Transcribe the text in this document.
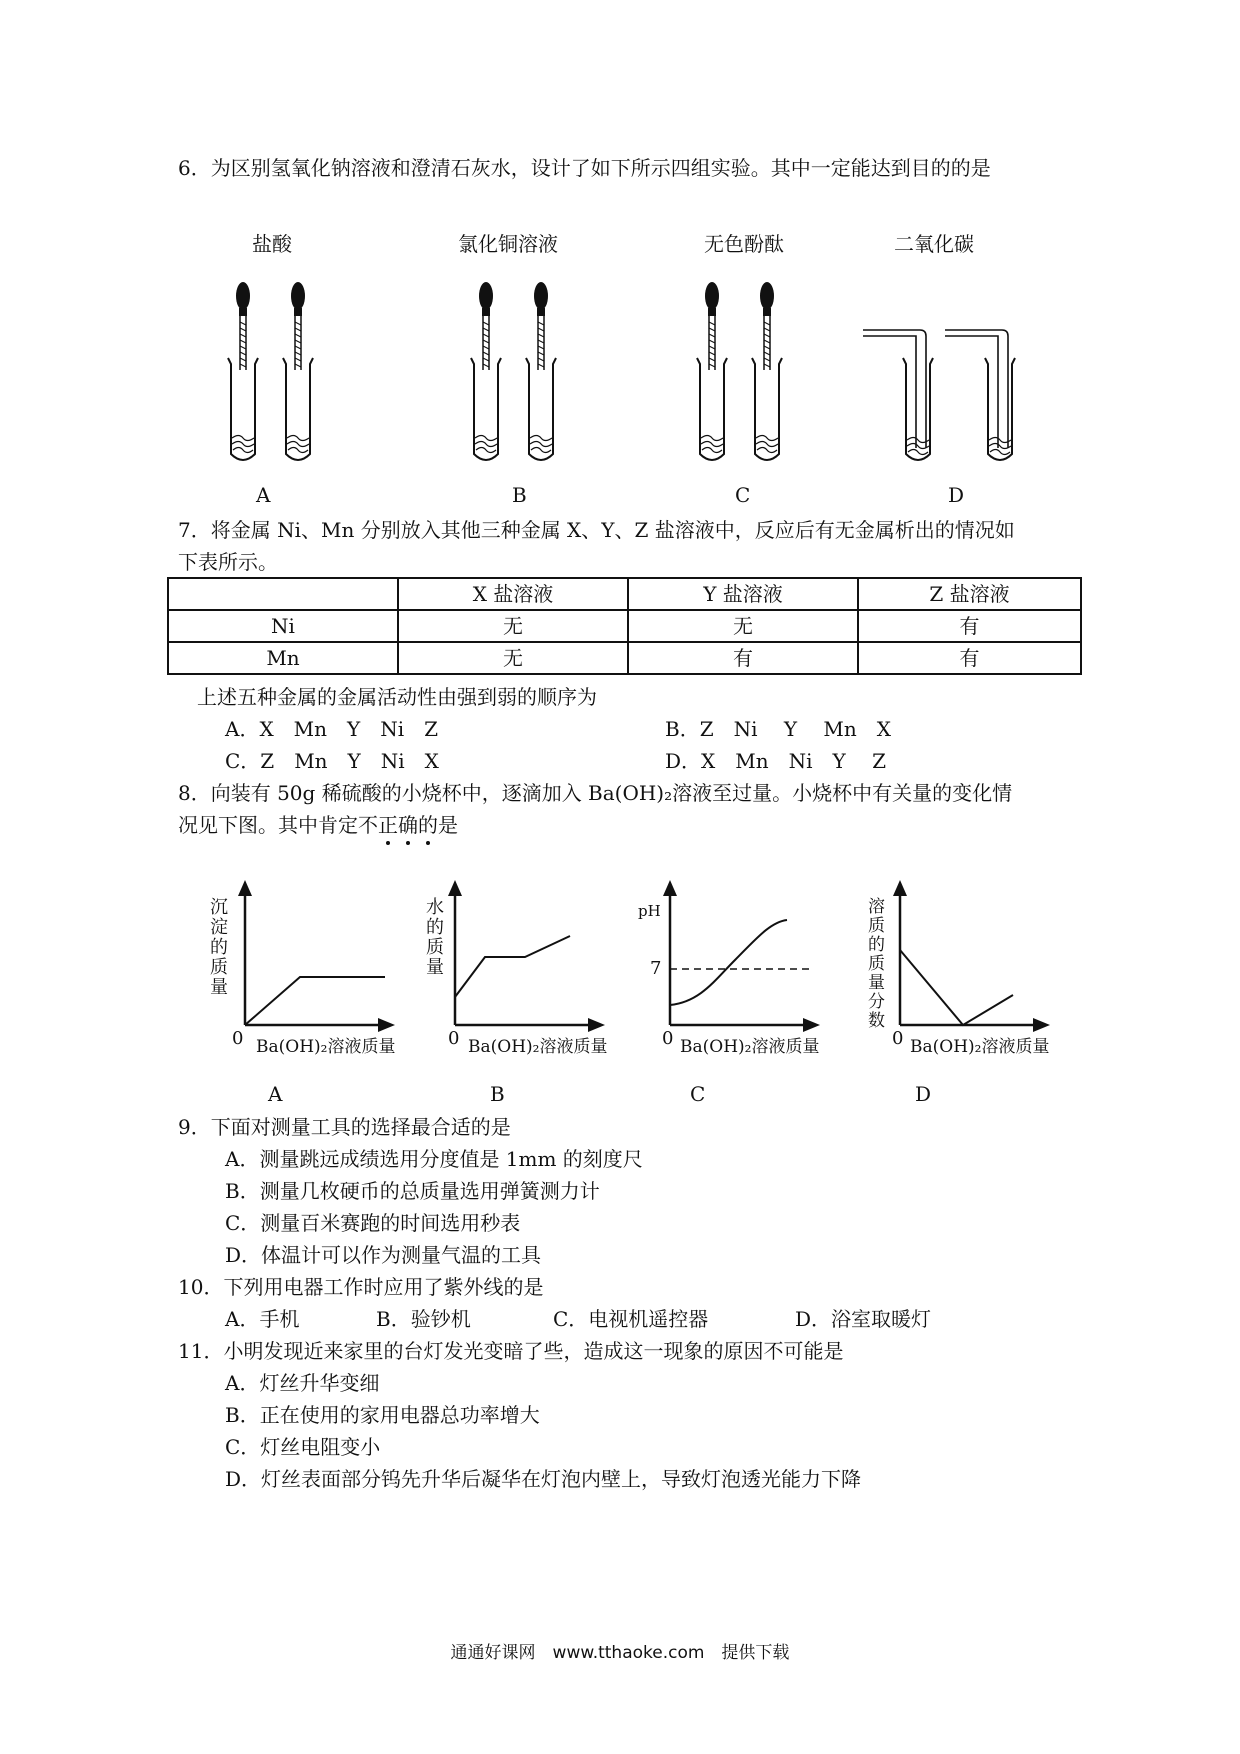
6．为区别氢氧化钠溶液和澄清石灰水，设计了如下所示四组实验。其中一定能达到目的的是
盐酸	氯化铜溶液	无色酚酞	二氧化碳
A	B	C	D
7．将金属 Ni、Mn 分别放入其他三种金属 X、Y、Z 盐溶液中，反应后有无金属析出的情况如
下表所示。
	X 盐溶液	Y 盐溶液	Z 盐溶液
Ni	无	无	有
Mn	无	有	有
上述五种金属的金属活动性由强到弱的顺序为
A．X　Mn　Y　Ni　Z	B．Z　Ni　 Y　 Mn　X
C．Z　Mn　Y　Ni　X	D．X　Mn　Ni　Y　 Z
8．向装有 50g 稀硫酸的小烧杯中，逐滴加入 Ba(OH)₂溶液至过量。小烧杯中有关量的变化情
况见下图。其中肯定不正确的是
沉淀的质量
0 Ba(OH)₂溶液质量
A
水的质量
0 Ba(OH)₂溶液质量
B
pH
7
0 Ba(OH)₂溶液质量
C
溶质的质量分数
0 Ba(OH)₂溶液质量
D
9．下面对测量工具的选择最合适的是
A．测量跳远成绩选用分度值是 1mm 的刻度尺
B．测量几枚硬币的总质量选用弹簧测力计
C．测量百米赛跑的时间选用秒表
D．体温计可以作为测量气温的工具
10．下列用电器工作时应用了紫外线的是
A．手机	B．验钞机	C．电视机遥控器	D．浴室取暖灯
11．小明发现近来家里的台灯发光变暗了些，造成这一现象的原因不可能是
A．灯丝升华变细
B．正在使用的家用电器总功率增大
C．灯丝电阻变小
D．灯丝表面部分钨先升华后凝华在灯泡内壁上，导致灯泡透光能力下降
通通好课网　www.tthaoke.com　提供下载
